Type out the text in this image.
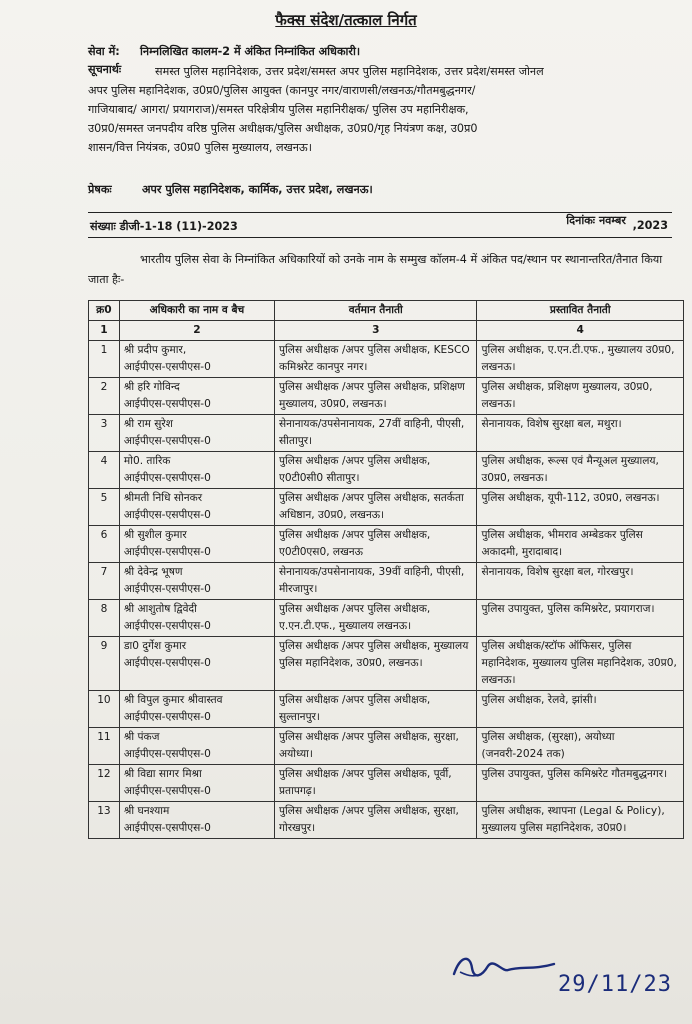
फैक्स संदेश/तत्काल निर्गत
सेवा में: निम्नलिखित कालम-2 में अंकित निम्नांकित अधिकारी।
सूचनार्थः	समस्त पुलिस महानिदेशक, उत्तर प्रदेश/समस्त अपर पुलिस महानिदेशक, उत्तर प्रदेश/समस्त जोनल
अपर पुलिस महानिदेशक, उ0प्र0/पुलिस आयुक्त (कानपुर नगर/वाराणसी/लखनऊ/गौतमबुद्धनगर/
गाजियाबाद/ आगरा/ प्रयागराज)/समस्त परिक्षेत्रीय पुलिस महानिरीक्षक/ पुलिस उप महानिरीक्षक,
उ0प्र0/समस्त जनपदीय वरिष्ठ पुलिस अधीक्षक/पुलिस अधीक्षक, उ0प्र0/गृह नियंत्रण कक्ष, उ0प्र0
शासन/वित्त नियंत्रक, उ0प्र0 पुलिस मुख्यालय, लखनऊ।
प्रेषकः	अपर पुलिस महानिदेशक, कार्मिक, उत्तर प्रदेश, लखनऊ।
संख्याः डीजी-1-18 (11)-2023	दिनांकः नवम्बर ,2023
भारतीय पुलिस सेवा के निम्नांकित अधिकारियों को उनके नाम के सम्मुख कॉलम-4 में अंकित पद/स्थान पर स्थानान्तरित/तैनात किया जाता हैः-
क्र0	अधिकारी का नाम व बैच	वर्तमान तैनाती	प्रस्तावित तैनाती
1	2	3	4

1	श्री प्रदीप कुमार,
आईपीएस-एसपीएस-0	पुलिस अधीक्षक /अपर पुलिस अधीक्षक, KESCO कमिश्नरेट कानपुर नगर।	पुलिस अधीक्षक, ए.एन.टी.एफ., मुख्यालय उ0प्र0, लखनऊ।

2	श्री हरि गोविन्द
आईपीएस-एसपीएस-0	पुलिस अधीक्षक /अपर पुलिस अधीक्षक, प्रशिक्षण मुख्यालय, उ0प्र0, लखनऊ।	पुलिस अधीक्षक, प्रशिक्षण मुख्यालय, उ0प्र0, लखनऊ।

3	श्री राम सुरेश
आईपीएस-एसपीएस-0	सेनानायक/उपसेनानायक, 27वीं वाहिनी, पीएसी, सीतापुर।	सेनानायक, विशेष सुरक्षा बल, मथुरा।

4	मो0. तारिक
आईपीएस-एसपीएस-0	पुलिस अधीक्षक /अपर पुलिस अधीक्षक, ए0टी0सी0 सीतापुर।	पुलिस अधीक्षक, रूल्स एवं मैन्यूअल मुख्यालय, उ0प्र0, लखनऊ।

5	श्रीमती निधि सोनकर
आईपीएस-एसपीएस-0	पुलिस अधीक्षक /अपर पुलिस अधीक्षक, सतर्कता अधिष्ठान, उ0प्र0, लखनऊ।	पुलिस अधीक्षक, यूपी-112, उ0प्र0, लखनऊ।

6	श्री सुशील कुमार
आईपीएस-एसपीएस-0	पुलिस अधीक्षक /अपर पुलिस अधीक्षक, ए0टी0एस0, लखनऊ	पुलिस अधीक्षक, भीमराव अम्बेडकर पुलिस अकादमी, मुरादाबाद।

7	श्री देवेन्द्र भूषण
आईपीएस-एसपीएस-0	सेनानायक/उपसेनानायक, 39वीं वाहिनी, पीएसी, मीरजापुर।	सेनानायक, विशेष सुरक्षा बल, गोरखपुर।

8	श्री आशुतोष द्विवेदी
आईपीएस-एसपीएस-0	पुलिस अधीक्षक /अपर पुलिस अधीक्षक, ए.एन.टी.एफ., मुख्यालय लखनऊ।	पुलिस उपायुक्त, पुलिस कमिश्नरेट, प्रयागराज।

9	डा0 दुर्गेश कुमार
आईपीएस-एसपीएस-0	पुलिस अधीक्षक /अपर पुलिस अधीक्षक, मुख्यालय पुलिस महानिदेशक, उ0प्र0, लखनऊ।	पुलिस अधीक्षक/स्टॉफ ऑफिसर, पुलिस महानिदेशक, मुख्यालय पुलिस महानिदेशक, उ0प्र0, लखनऊ।

10	श्री विपुल कुमार श्रीवास्तव
आईपीएस-एसपीएस-0	पुलिस अधीक्षक /अपर पुलिस अधीक्षक, सुल्तानपुर।	पुलिस अधीक्षक, रेलवे, झांसी।

11	श्री पंकज
आईपीएस-एसपीएस-0	पुलिस अधीक्षक /अपर पुलिस अधीक्षक, सुरक्षा, अयोध्या।	पुलिस अधीक्षक, (सुरक्षा), अयोध्या (जनवरी-2024 तक)

12	श्री विद्या सागर मिश्रा
आईपीएस-एसपीएस-0	पुलिस अधीक्षक /अपर पुलिस अधीक्षक, पूर्वी, प्रतापगढ़।	पुलिस उपायुक्त, पुलिस कमिश्नरेट गौतमबुद्धनगर।

13	श्री घनश्याम
आईपीएस-एसपीएस-0	पुलिस अधीक्षक /अपर पुलिस अधीक्षक, सुरक्षा, गोरखपुर।	पुलिस अधीक्षक, स्थापना (Legal & Policy), मुख्यालय पुलिस महानिदेशक, उ0प्र0।
29/11/23
